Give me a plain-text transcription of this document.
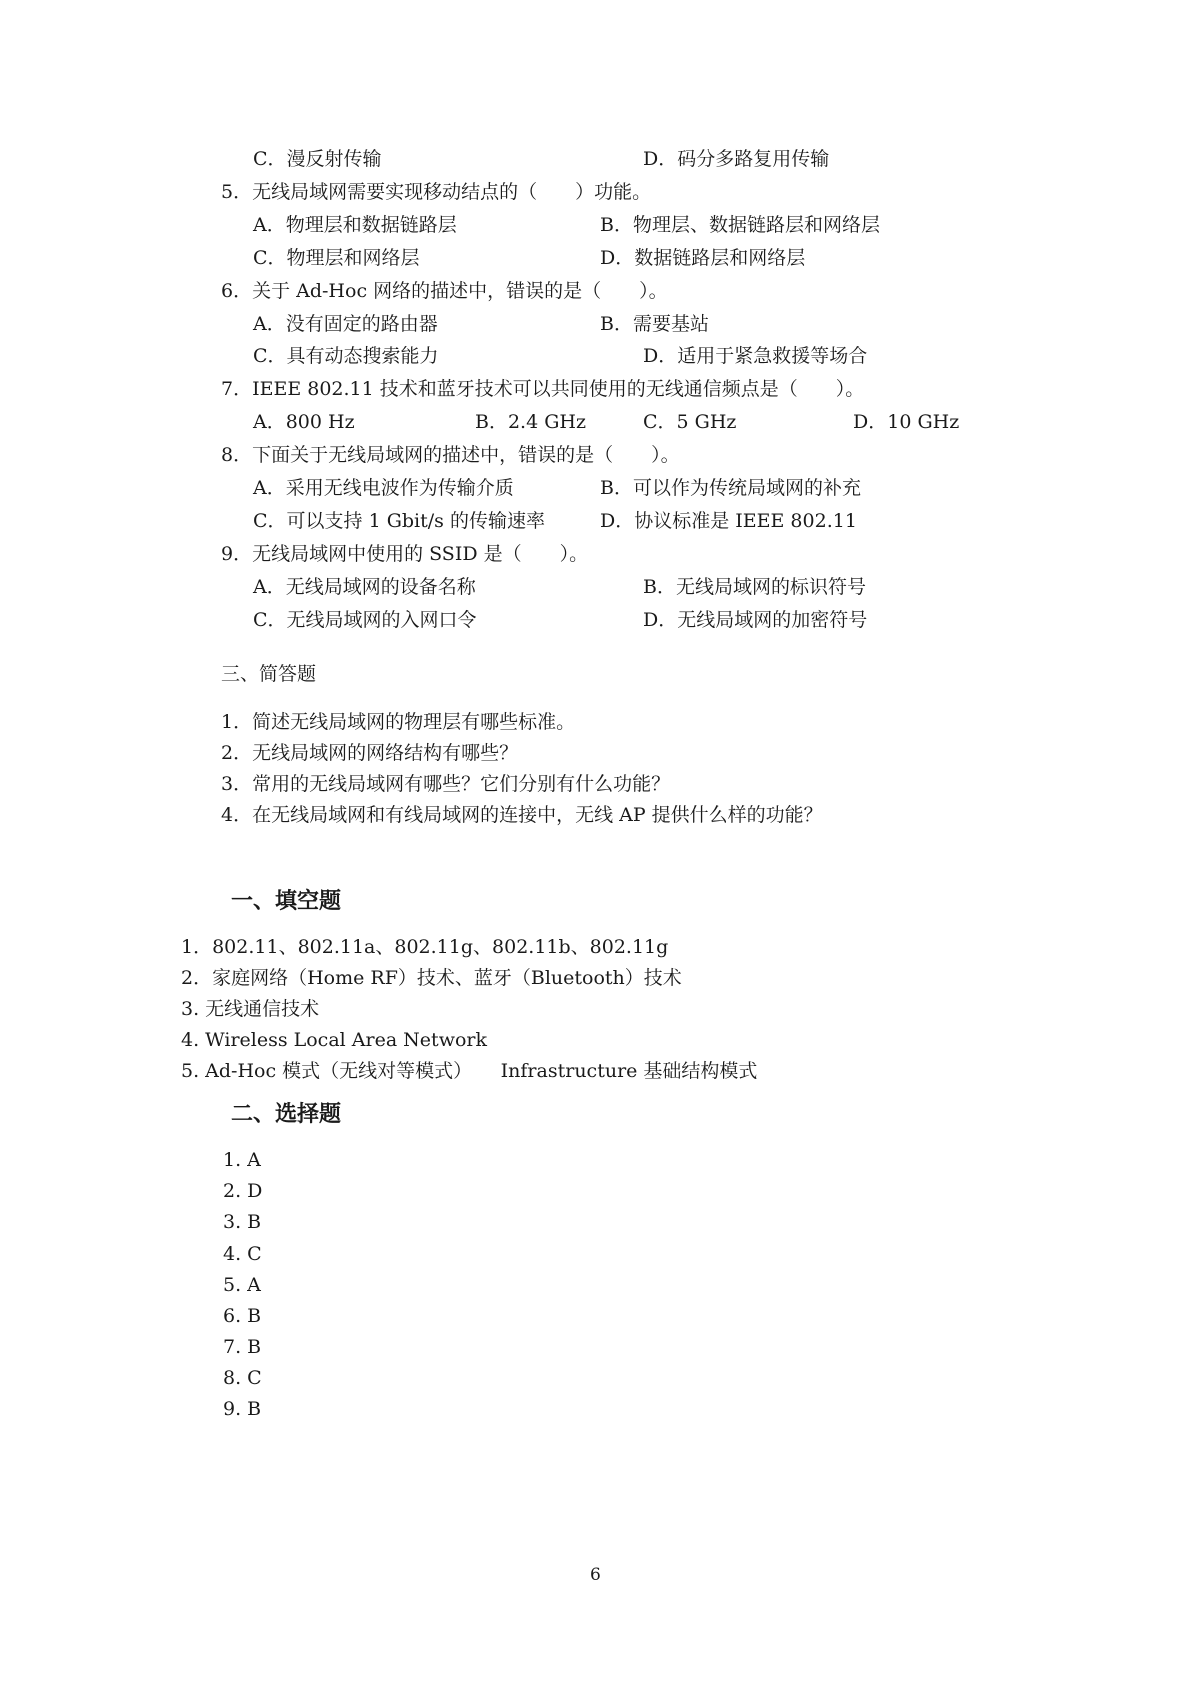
C．漫反射传输	D．码分多路复用传输
5．无线局域网需要实现移动结点的（　　）功能。
A．物理层和数据链路层	B．物理层、数据链路层和网络层
C．物理层和网络层	D．数据链路层和网络层
6．关于 Ad-Hoc 网络的描述中，错误的是（　　）。
A．没有固定的路由器	B．需要基站
C．具有动态搜索能力	D．适用于紧急救援等场合
7．IEEE 802.11 技术和蓝牙技术可以共同使用的无线通信频点是（　　）。
A．800 Hz	B．2.4 GHz	C．5 GHz	D．10 GHz
8．下面关于无线局域网的描述中，错误的是（　　）。
A．采用无线电波作为传输介质	B．可以作为传统局域网的补充
C．可以支持 1 Gbit/s 的传输速率	D．协议标准是 IEEE 802.11
9．无线局域网中使用的 SSID 是（　　）。
A．无线局域网的设备名称	B．无线局域网的标识符号
C．无线局域网的入网口令	D．无线局域网的加密符号
三、简答题
1．简述无线局域网的物理层有哪些标准。
2．无线局域网的网络结构有哪些？
3．常用的无线局域网有哪些？它们分别有什么功能？
4．在无线局域网和有线局域网的连接中，无线 AP 提供什么样的功能？
一、填空题
1．802.11、802.11a、802.11g、802.11b、802.11g
2．家庭网络（Home RF）技术、蓝牙（Bluetooth）技术
3. 无线通信技术
4. Wireless Local Area Network
5. Ad-Hoc 模式（无线对等模式）　　Infrastructure 基础结构模式
二、选择题
1. A
2. D
3. B
4. C
5. A
6. B
7. B
8. C
9. B
6
